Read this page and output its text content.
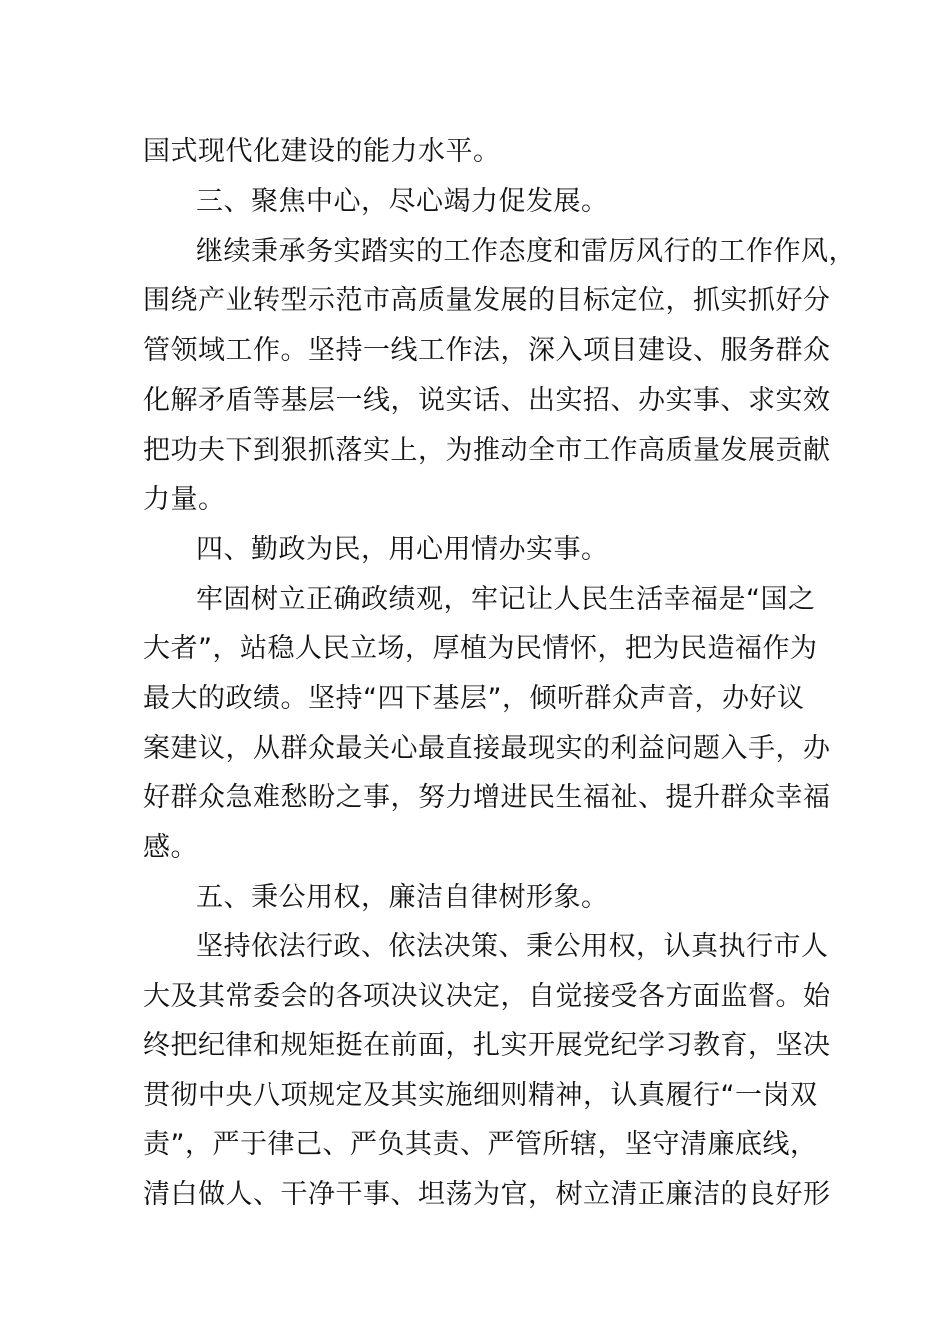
国式现代化建设的能力水平。
三、聚焦中心，尽心竭力促发展。
继续秉承务实踏实的工作态度和雷厉风行的工作作风，
围绕产业转型示范市高质量发展的目标定位，抓实抓好分
管领域工作。坚持一线工作法，深入项目建设、服务群众
化解矛盾等基层一线，说实话、出实招、办实事、求实效
把功夫下到狠抓落实上，为推动全市工作高质量发展贡献
力量。
四、勤政为民，用心用情办实事。
牢固树立正确政绩观，牢记让人民生活幸福是“国之
大者”，站稳人民立场，厚植为民情怀，把为民造福作为
最大的政绩。坚持“四下基层”，倾听群众声音，办好议
案建议，从群众最关心最直接最现实的利益问题入手，办
好群众急难愁盼之事，努力增进民生福祉、提升群众幸福
感。
五、秉公用权，廉洁自律树形象。
坚持依法行政、依法决策、秉公用权，认真执行市人
大及其常委会的各项决议决定，自觉接受各方面监督。始
终把纪律和规矩挺在前面，扎实开展党纪学习教育，坚决
贯彻中央八项规定及其实施细则精神，认真履行“一岗双
责”，严于律己、严负其责、严管所辖，坚守清廉底线，
清白做人、干净干事、坦荡为官，树立清正廉洁的良好形
